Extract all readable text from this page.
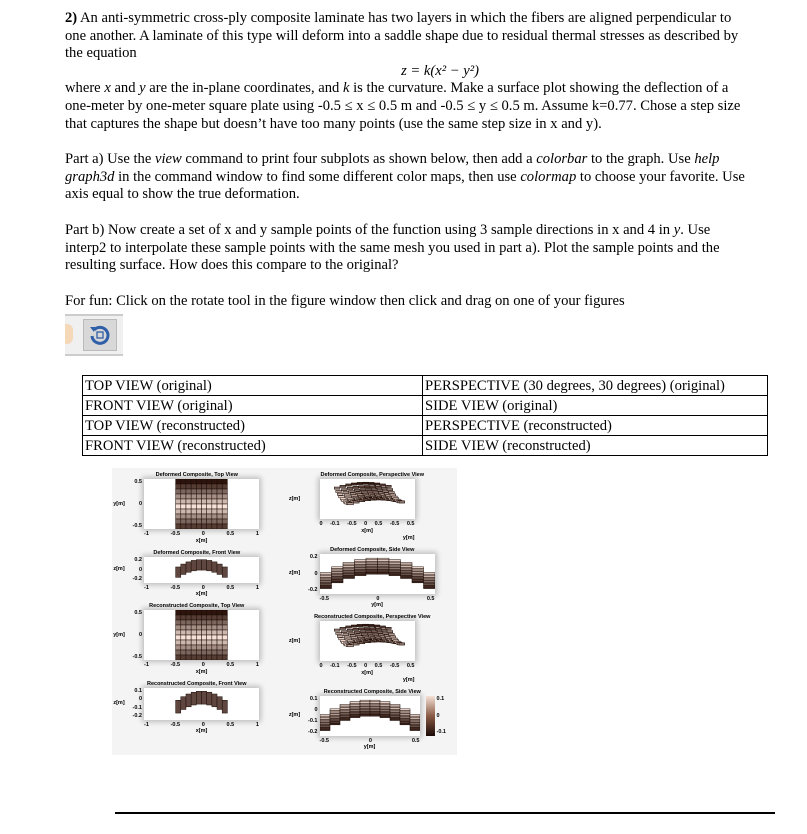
2) An anti-symmetric cross-ply composite laminate has two layers in which the fibers are aligned perpendicular to one another. A laminate of this type will deform into a saddle shape due to residual thermal stresses as described by the equation
z = k(x² − y²)
where x and y are the in-plane coordinates, and k is the curvature. Make a surface plot showing the deflection of a one-meter by one-meter square plate using -0.5 ≤ x ≤ 0.5 m and -0.5 ≤ y ≤ 0.5 m. Assume k=0.77. Chose a step size that captures the shape but doesn’t have too many points (use the same step size in x and y).

Part a) Use the view command to print four subplots as shown below, then add a colorbar to the graph. Use help graph3d in the command window to find some different color maps, then use colormap to choose your favorite. Use axis equal to show the true deformation.

Part b) Now create a set of x and y sample points of the function using 3 sample directions in x and 4 in y. Use interp2 to interpolate these sample points with the same mesh you used in part a). Plot the sample points and the resulting surface. How does this compare to the original?

For fun: Click on the rotate tool in the figure window then click and drag on one of your figures

TOP VIEW (original)	PERSPECTIVE (30 degrees, 30 degrees) (original)
FRONT VIEW (original)	SIDE VIEW (original)
TOP VIEW (reconstructed)	PERSPECTIVE (reconstructed)
FRONT VIEW (reconstructed)	SIDE VIEW (reconstructed)
Deformed Composite, Top View
y[m]
0.5
0
-0.5
-1	-0.5	0	0.5	1
x[m]
Deformed Composite, Front View
z[m]
0.2
0
-0.2
-1	-0.5	0	0.5	1
x[m]
Reconstructed Composite, Top View
y[m]
0.5
0
-0.5
-1	-0.5	0	0.5	1
x[m]
Reconstructed Composite, Front View
z[m]
0.1
0
-0.1
-0.2
-1	-0.5	0	0.5	1
x[m]
Deformed Composite, Perspective View
z[m]
0 -0.1 -0.5 0 0.5 -0.5 0.5
x[m]
y[m]
Deformed Composite, Side View
z[m]
0.2
0
-0.2
-0.5	0	0.5
y[m]
Reconstructed Composite, Perspective View
z[m]
0 -0.1 -0.5 0 0.5 -0.5 0.5
x[m]
y[m]
Reconstructed Composite, Side View
z[m]
0.1
0
-0.1
-0.2
0.1
0
-0.1
-0.5	0	0.5
y[m]
